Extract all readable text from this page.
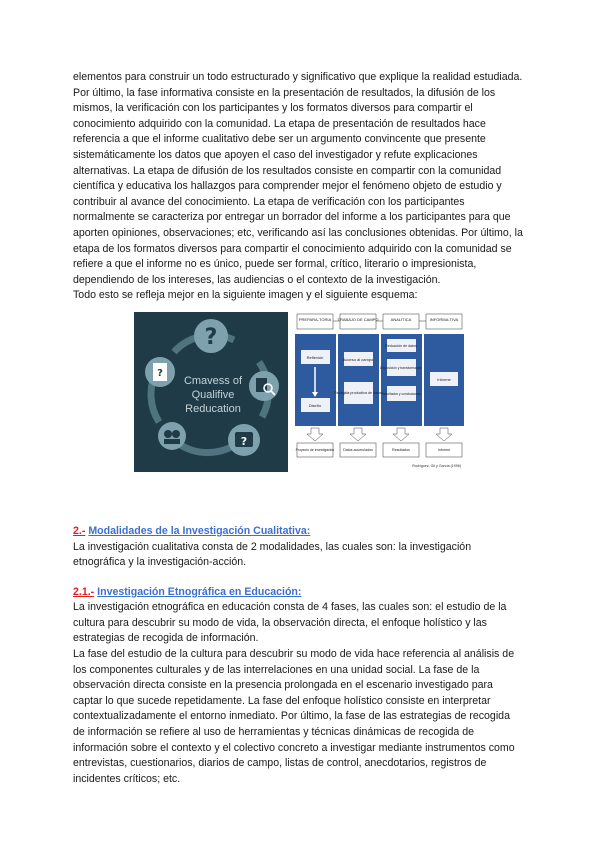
elementos para construir un todo estructurado y significativo que explique la realidad estudiada.

Por último, la fase informativa consiste en la presentación de resultados, la difusión de los mismos, la verificación con los participantes y los formatos diversos para compartir el conocimiento adquirido con la comunidad. La etapa de presentación de resultados hace referencia a que el informe cualitativo debe ser un argumento convincente que presente sistemáticamente los datos que apoyen el caso del investigador y refute explicaciones alternativas. La etapa de difusión de los resultados consiste en compartir con la comunidad científica y educativa los hallazgos para comprender mejor el fenómeno objeto de estudio y contribuir al avance del conocimiento. La etapa de verificación con los participantes normalmente se caracteriza por entregar un borrador del informe a los participantes para que aporten opiniones, observaciones; etc, verificando así las conclusiones obtenidas. Por último, la etapa de los formatos diversos para compartir el conocimiento adquirido con la comunidad se refiere a que el informe no es único, puede ser formal, crítico, literario o impresionista, dependiendo de los intereses, las audiencias o el contexto de la investigación.

Todo esto se refleja mejor en la siguiente imagen y el siguiente esquema:

?
?
?
Cmavess of
Qualifive
Reducation
PREPARA-TORIA TRABAJO DE CAMPO	ANALÍTICA	INFORMA-TIVA
Reflexión
Diseño
Acceso al campo
Recogida productiva de datos
Reducción de datos
Disposición y transformación
Resultados y conclusiones
Informe
Proyecto de investigación Datos acumulados	Resultados	Informe
Rodríguez, Gil y García (1996)
2.- Modalidades de la Investigación Cualitativa:

La investigación cualitativa consta de 2 modalidades, las cuales son: la investigación etnográfica y la investigación-acción.

2.1.- Investigación Etnográfica en Educación:

La investigación etnográfica en educación consta de 4 fases, las cuales son: el estudio de la cultura para descubrir su modo de vida, la observación directa, el enfoque holístico y las estrategias de recogida de información.

La fase del estudio de la cultura para descubrir su modo de vida hace referencia al análisis de los componentes culturales y de las interrelaciones en una unidad social. La fase de la observación directa consiste en la presencia prolongada en el escenario investigado para captar lo que sucede repetidamente. La fase del enfoque holístico consiste en interpretar contextualizadamente el entorno inmediato. Por último, la fase de las estrategias de recogida de información se refiere al uso de herramientas y técnicas dinámicas de recogida de información sobre el contexto y el colectivo concreto a investigar mediante instrumentos como entrevistas, cuestionarios, diarios de campo, listas de control, anecdotarios, registros de incidentes críticos; etc.
